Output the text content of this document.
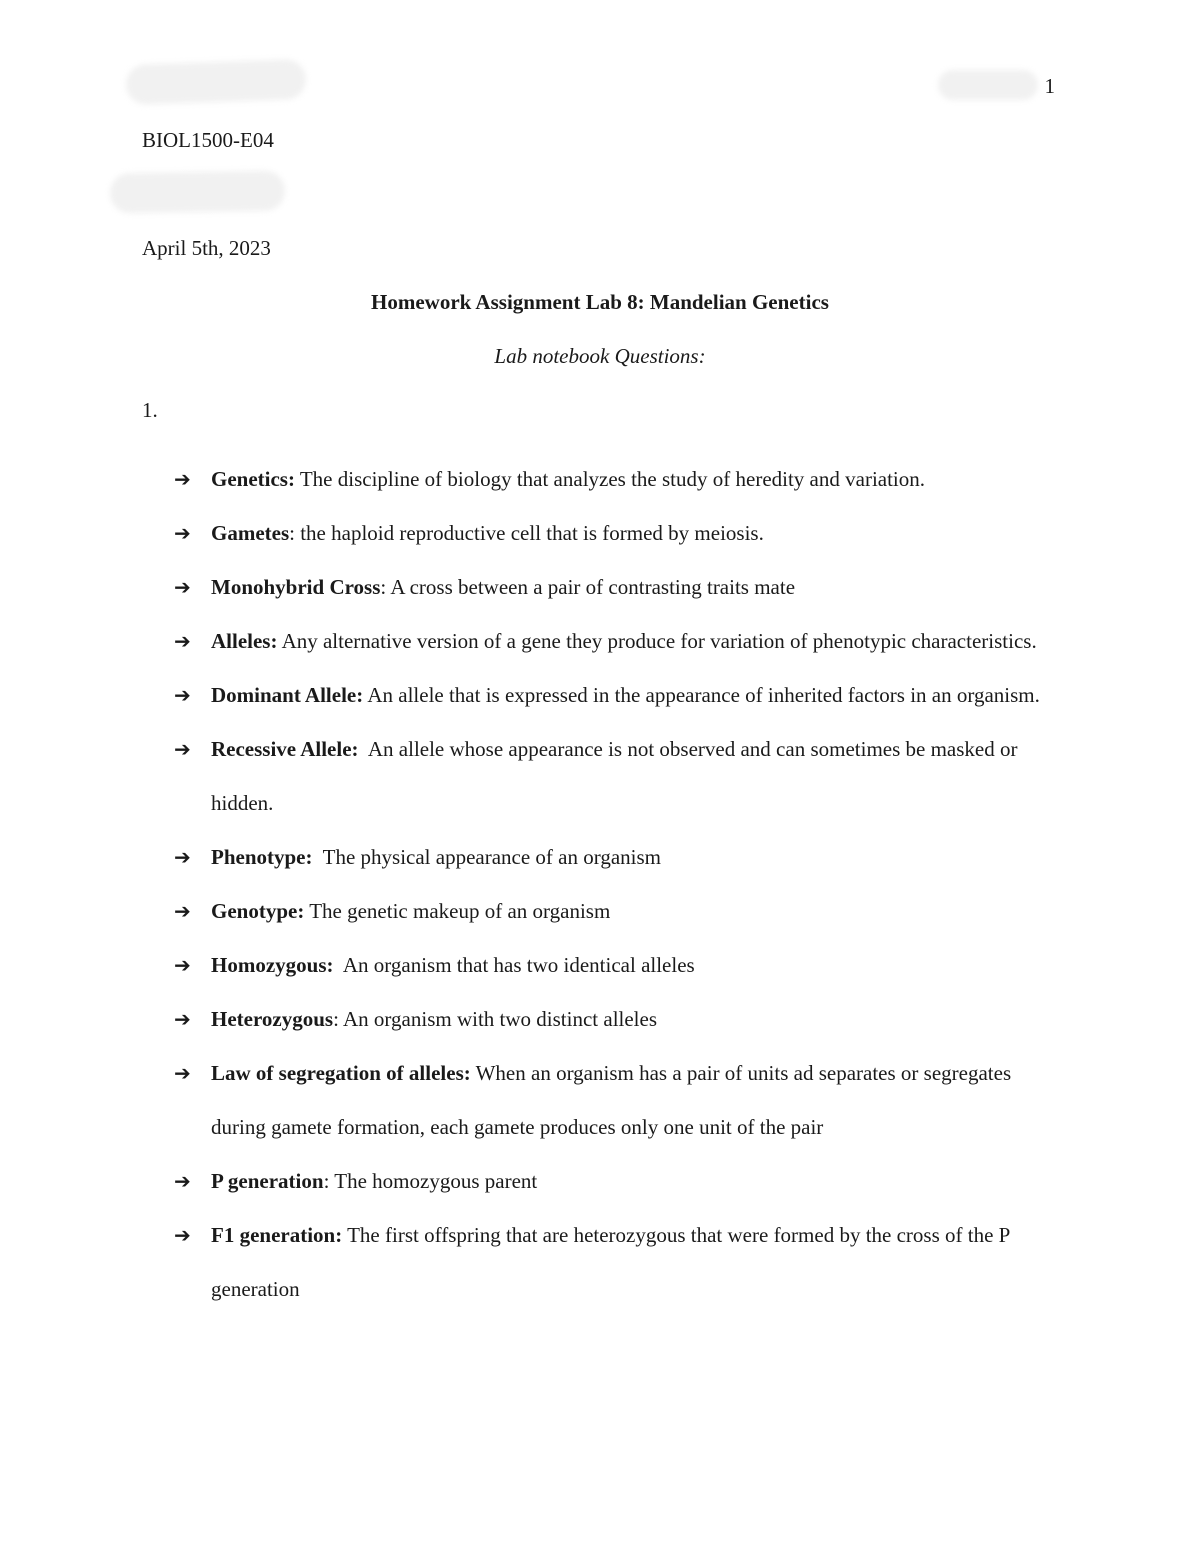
1
BIOL1500-E04
April 5th, 2023
Homework Assignment Lab 8: Mandelian Genetics
Lab notebook Questions:
1.
➔ Genetics: The discipline of biology that analyzes the study of heredity and variation.
➔ Gametes: the haploid reproductive cell that is formed by meiosis.
➔ Monohybrid Cross: A cross between a pair of contrasting traits mate
➔ Alleles: Any alternative version of a gene they produce for variation of phenotypic characteristics.
➔ Dominant Allele: An allele that is expressed in the appearance of inherited factors in an organism.
➔ Recessive Allele:  An allele whose appearance is not observed and can sometimes be masked or hidden.
➔ Phenotype:  The physical appearance of an organism
➔ Genotype: The genetic makeup of an organism
➔ Homozygous:  An organism that has two identical alleles
➔ Heterozygous: An organism with two distinct alleles
➔ Law of segregation of alleles: When an organism has a pair of units ad separates or segregates during gamete formation, each gamete produces only one unit of the pair
➔ P generation: The homozygous parent
➔ F1 generation: The first offspring that are heterozygous that were formed by the cross of the P generation
